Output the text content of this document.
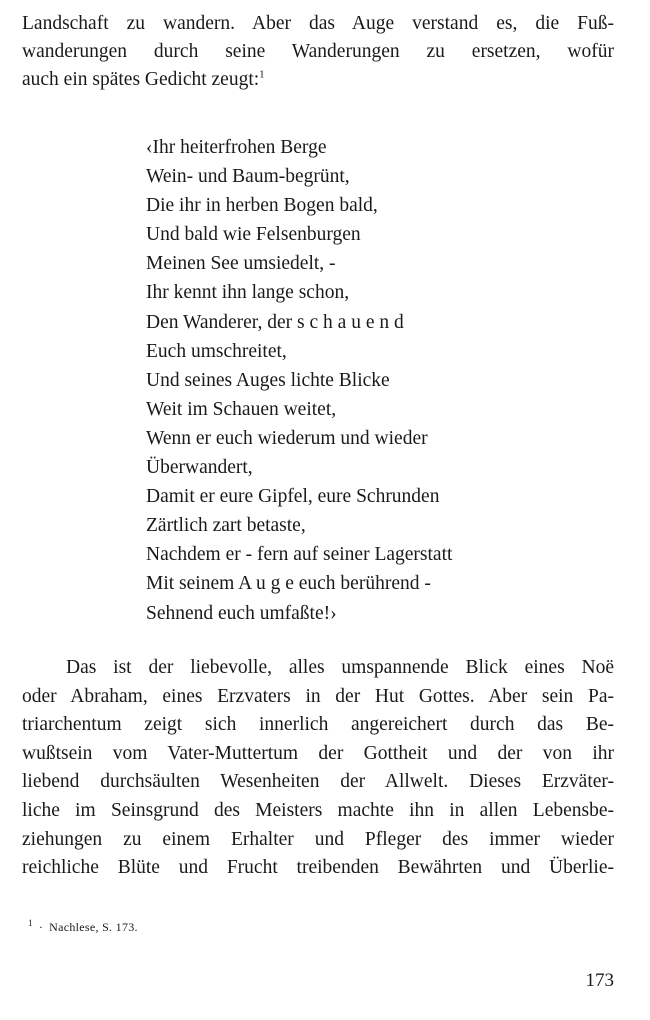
Landschaft zu wandern. Aber das Auge verstand es, die Fuß-
wanderungen durch seine Wanderungen zu ersetzen, wofür
auch ein spätes Gedicht zeugt:$^1$
‹Ihr heiterfrohen Berge
Wein- und Baum-begrünt,
Die ihr in herben Bogen bald,
Und bald wie Felsenburgen
Meinen See umsiedelt, -
Ihr kennt ihn lange schon,
Den Wanderer, der s c h a u e n d
Euch umschreitet,
Und seines Auges lichte Blicke
Weit im Schauen weitet,
Wenn er euch wiederum und wieder
Überwandert,
Damit er eure Gipfel, eure Schrunden
Zärtlich zart betaste,
Nachdem er - fern auf seiner Lagerstatt
Mit seinem A u g e euch berührend -
Sehnend euch umfaßte!›
Das ist der liebevolle, alles umspannende Blick eines Noë
oder Abraham, eines Erzvaters in der Hut Gottes. Aber sein Pa-
triarchentum zeigt sich innerlich angereichert durch das Be-
wußtsein vom Vater-Muttertum der Gottheit und der von ihr
liebend durchsäulten Wesenheiten der Allwelt. Dieses Erzväter-
liche im Seinsgrund des Meisters machte ihn in allen Lebensbe-
ziehungen zu einem Erhalter und Pfleger des immer wieder
reichliche Blüte und Frucht treibenden Bewährten und Überlie-
$^1$ · Nachlese, S. 173.
173
